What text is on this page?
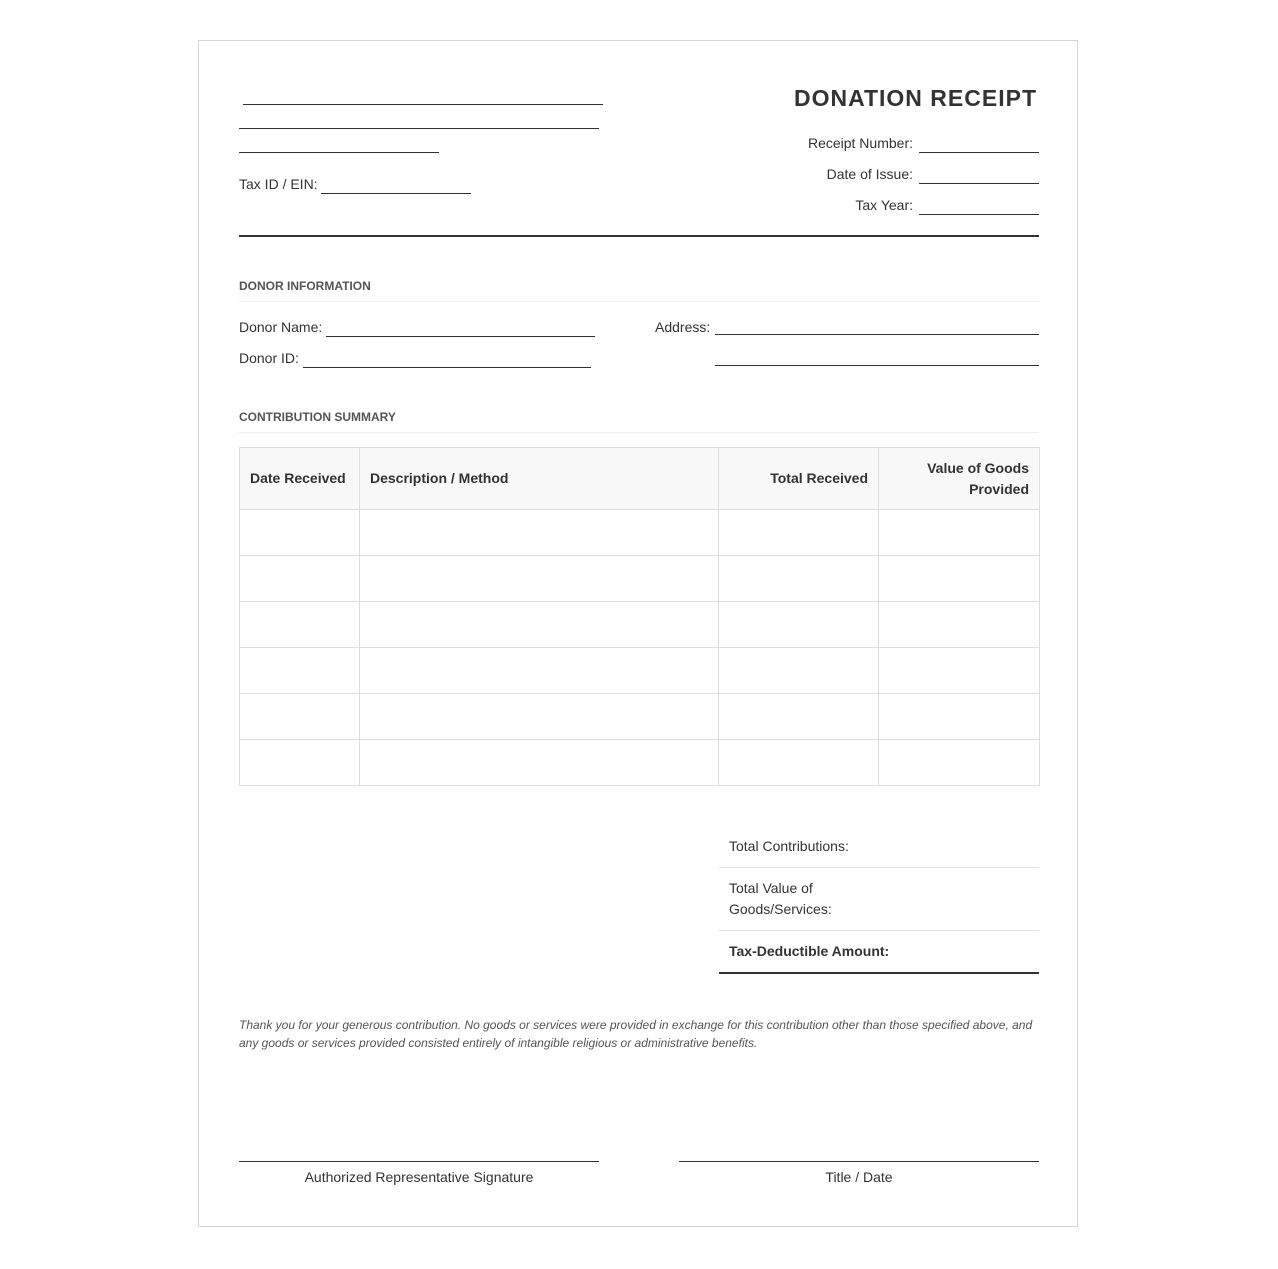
Tax ID / EIN:
DONATION RECEIPT
Receipt Number:
Date of Issue:
Tax Year:
DONOR INFORMATION
Donor Name:
Donor ID:
Address:
CONTRIBUTION SUMMARY
Date Received	Description / Method	Total Received	Value of Goods Provided

Total Contributions:
Total Value of Goods/Services:
Tax-Deductible Amount:
Thank you for your generous contribution. No goods or services were provided in exchange for this contribution other than those specified above, and any goods or services provided consisted entirely of intangible religious or administrative benefits.
Authorized Representative Signature	Title / Date
